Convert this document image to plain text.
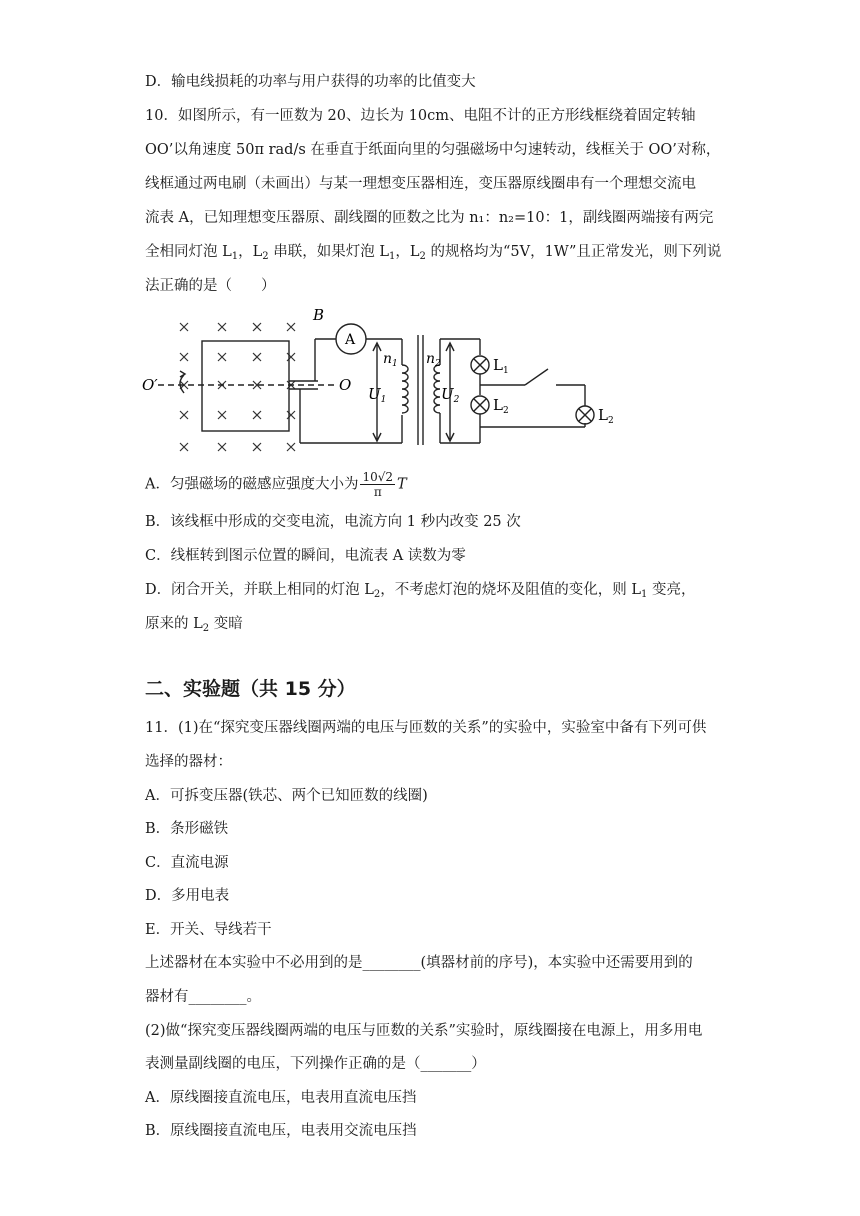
D．输电线损耗的功率与用户获得的功率的比值变大
10．如图所示，有一匝数为 20、边长为 10cm、电阻不计的正方形线框绕着固定转轴
OO’以角速度 50π rad/s 在垂直于纸面向里的匀强磁场中匀速转动，线框关于 OO’对称，
线框通过两电刷（未画出）与某一理想变压器相连，变压器原线圈串有一个理想交流电
流表 A，已知理想变压器原、副线圈的匝数之比为 n₁：n₂=10：1，副线圈两端接有两完
全相同灯泡 $L_1$，$L_2$ 串联，如果灯泡 $L_1$，$L_2$ 的规格均为“5V，1W”且正常发光，则下列说
法正确的是（　　）
O′	O
B
A
$n_1$ $n_2$
$U_1$	$U_2$
$L_1$
$L_2$	$L_2$
A．匀强磁场的磁感应强度大小为 $\frac{10√2}{\pi}$ T
B．该线框中形成的交变电流，电流方向 1 秒内改变 25 次
C．线框转到图示位置的瞬间，电流表 A 读数为零
D．闭合开关，并联上相同的灯泡 $L_2$，不考虑灯泡的烧坏及阻值的变化，则 $L_1$ 变亮，
原来的 $L_2$ 变暗
二、实验题（共 15 分）
11．(1)在“探究变压器线圈两端的电压与匝数的关系”的实验中，实验室中备有下列可供
选择的器材：
A．可拆变压器(铁芯、两个已知匝数的线圈)
B．条形磁铁
C．直流电源
D．多用电表
E．开关、导线若干
上述器材在本实验中不必用到的是________(填器材前的序号)，本实验中还需要用到的
器材有________。
(2)做“探究变压器线圈两端的电压与匝数的关系”实验时，原线圈接在电源上，用多用电
表测量副线圈的电压，下列操作正确的是（_______）
A．原线圈接直流电压，电表用直流电压挡
B．原线圈接直流电压，电表用交流电压挡
